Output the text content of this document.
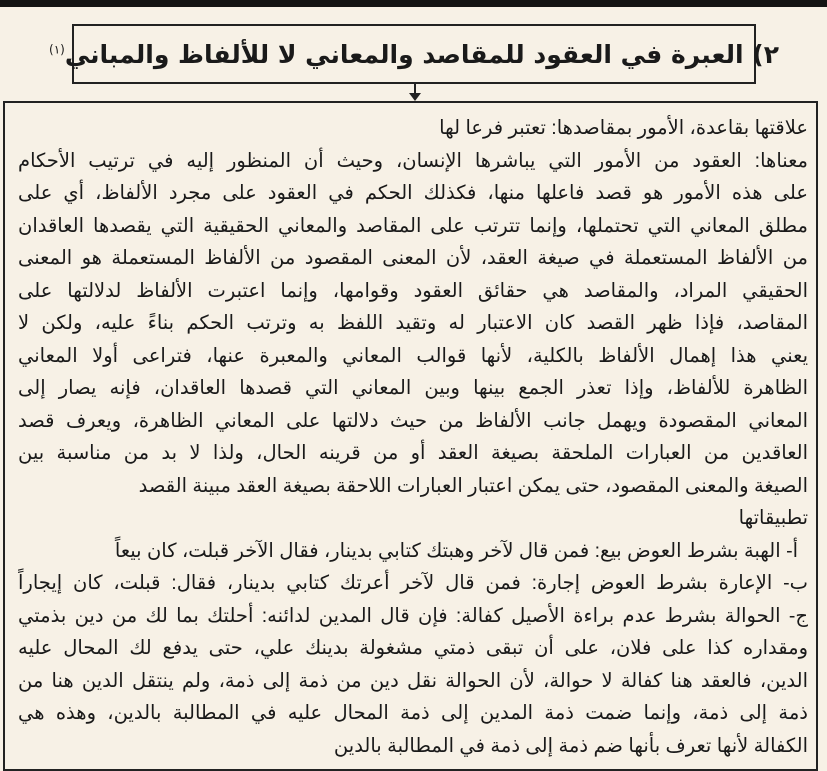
٢) العبرة في العقود للمقاصد والمعاني لا للألفاظ والمباني$^{(١)}$
علاقتها بقاعدة، الأمور بمقاصدها: تعتبر فرعا لها
معناها: العقود من الأمور التي يباشرها الإنسان، وحيث أن المنظور إليه في ترتيب الأحكام
على هذه الأمور هو قصد فاعلها منها، فكذلك الحكم في العقود على مجرد الألفاظ، أي على
مطلق المعاني التي تحتملها، وإنما تترتب على المقاصد والمعاني الحقيقية التي يقصدها العاقدان
من الألفاظ المستعملة في صيغة العقد، لأن المعنى المقصود من الألفاظ المستعملة هو المعنى
الحقيقي المراد، والمقاصد هي حقائق العقود وقوامها، وإنما اعتبرت الألفاظ لدلالتها على
المقاصد، فإذا ظهر القصد كان الاعتبار له وتقيد اللفظ به وترتب الحكم بناءً عليه، ولكن لا
يعني هذا إهمال الألفاظ بالكلية، لأنها قوالب المعاني والمعبرة عنها، فتراعى أولا المعاني
الظاهرة للألفاظ، وإذا تعذر الجمع بينها وبين المعاني التي قصدها العاقدان، فإنه يصار إلى
المعاني المقصودة ويهمل جانب الألفاظ من حيث دلالتها على المعاني الظاهرة، ويعرف قصد
العاقدين من العبارات الملحقة بصيغة العقد أو من قرينه الحال، ولذا لا بد من مناسبة بين
الصيغة والمعنى المقصود، حتى يمكن اعتبار العبارات اللاحقة بصيغة العقد مبينة القصد
تطبيقاتها
أ- الهبة بشرط العوض بيع: فمن قال لآخر وهبتك كتابي بدينار، فقال الآخر قبلت، كان بيعاً
ب- الإعارة بشرط العوض إجارة: فمن قال لآخر أعرتك كتابي بدينار، فقال: قبلت، كان إيجاراً
ج- الحوالة بشرط عدم براءة الأصيل كفالة: فإن قال المدين لدائنه: أحلتك بما لك من دين بذمتي
ومقداره كذا على فلان، على أن تبقى ذمتي مشغولة بدينك علي، حتى يدفع لك المحال عليه
الدين، فالعقد هنا كفالة لا حوالة، لأن الحوالة نقل دين من ذمة إلى ذمة، ولم ينتقل الدين هنا من
ذمة إلى ذمة، وإنما ضمت ذمة المدين إلى ذمة المحال عليه في المطالبة بالدين، وهذه هي
الكفالة لأنها تعرف بأنها ضم ذمة إلى ذمة في المطالبة بالدين
